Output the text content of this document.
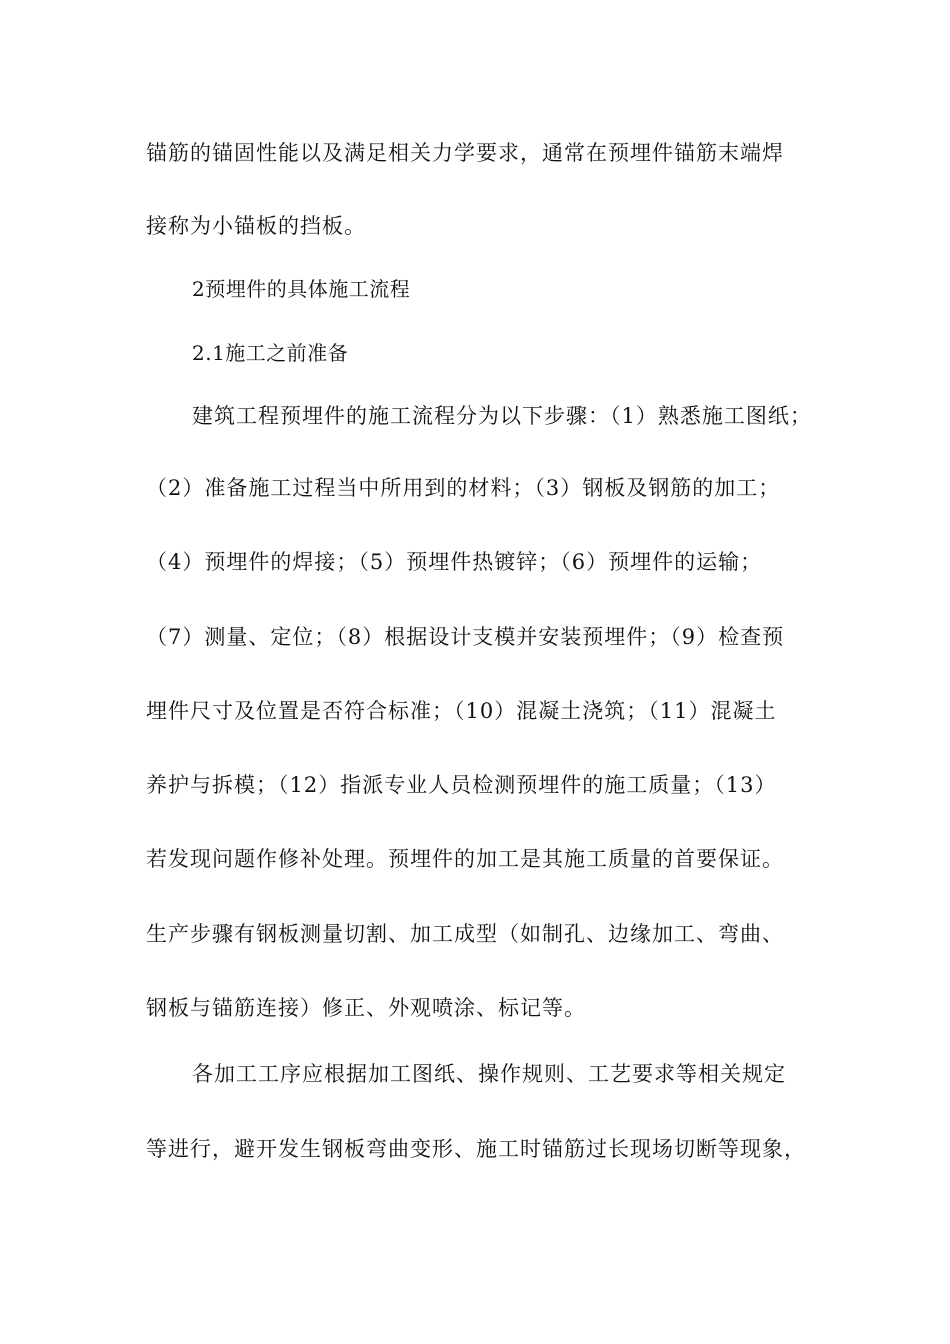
锚筋的锚固性能以及满足相关力学要求，通常在预埋件锚筋末端焊
接称为小锚板的挡板。
2预埋件的具体施工流程
2.1施工之前准备
建筑工程预埋件的施工流程分为以下步骤：（1）熟悉施工图纸；
（2）准备施工过程当中所用到的材料；（3）钢板及钢筋的加工；
（4）预埋件的焊接；（5）预埋件热镀锌；（6）预埋件的运输；
（7）测量、定位；（8）根据设计支模并安装预埋件；（9）检查预
埋件尺寸及位置是否符合标准；（10）混凝土浇筑；（11）混凝土
养护与拆模；（12）指派专业人员检测预埋件的施工质量；（13）
若发现问题作修补处理。预埋件的加工是其施工质量的首要保证。
生产步骤有钢板测量切割、加工成型（如制孔、边缘加工、弯曲、
钢板与锚筋连接）修正、外观喷涂、标记等。
各加工工序应根据加工图纸、操作规则、工艺要求等相关规定
等进行，避开发生钢板弯曲变形、施工时锚筋过长现场切断等现象，
